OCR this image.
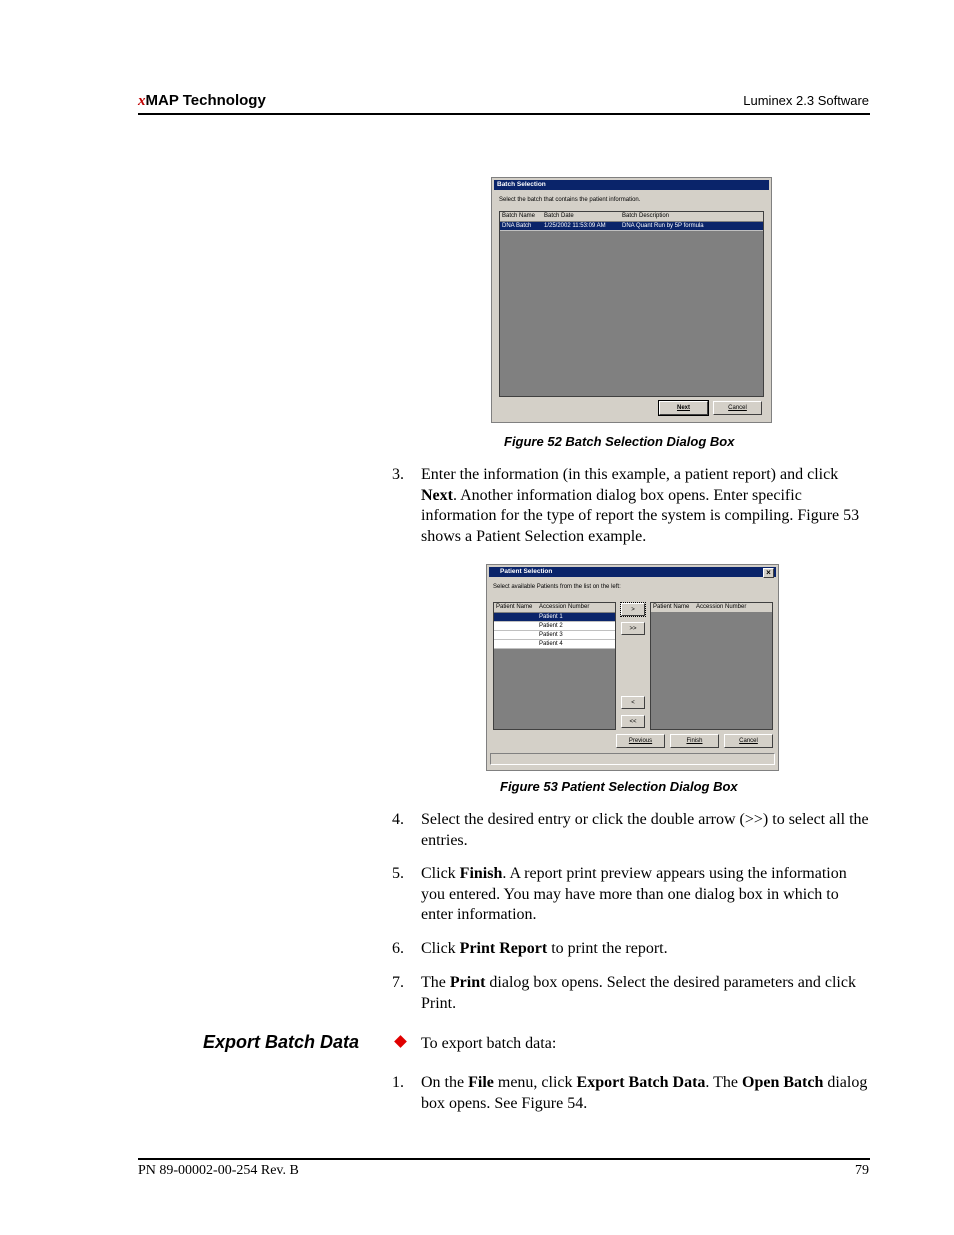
xMAP Technology	Luminex 2.3 Software
Batch Selection
Select the batch that contains the patient information.
Batch Name Batch Date	Batch Description
DNA Batch 1/25/2002 11:53:09 AM	DNA Quant Run by 5P formula
Next	Cancel
Figure 52 Batch Selection Dialog Box
3. Enter the information (in this example, a patient report) and click Next. Another information dialog box opens. Enter specific information for the type of report the system is compiling. Figure 53 shows a Patient Selection example.
Patient Selection	×
Select available Patients from the list on the left:
Patient Name Accession Number
Patient 1
Patient 2
Patient 3
Patient 4
>
>>
<
<<
Patient Name Accession Number
Previous	Finish	Cancel
Figure 53 Patient Selection Dialog Box
4. Select the desired entry or click the double arrow (>>) to select all the entries.
5. Click Finish. A report print preview appears using the information you entered. You may have more than one dialog box in which to enter information.
6. Click Print Report to print the report.
7. The Print dialog box opens. Select the desired parameters and click Print.
Export Batch Data	To export batch data:
1. On the File menu, click Export Batch Data. The Open Batch dialog box opens. See Figure 54.
PN 89-00002-00-254 Rev. B	79
